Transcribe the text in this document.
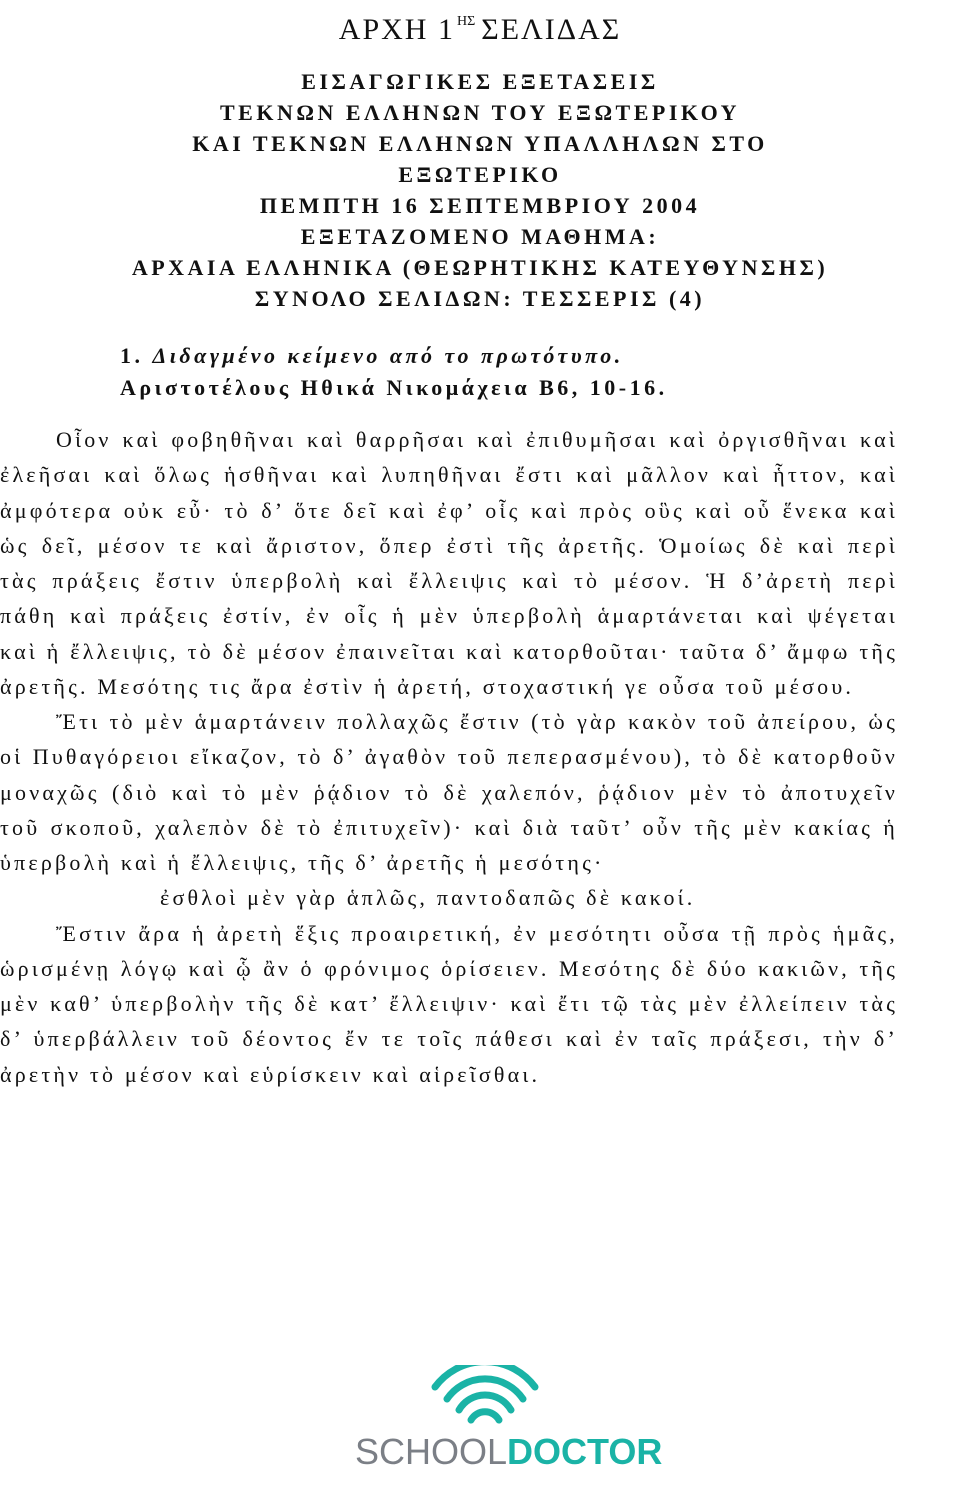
ΑΡΧΗ 1 $^{H\Sigma}$ ΣΕΛΙΔΑΣ
ΕΙΣΑΓΩΓΙΚΕΣ ΕΞΕΤΑΣΕΙΣ
ΤΕΚΝΩΝ ΕΛΛΗΝΩΝ ΤΟΥ ΕΞΩΤΕΡΙΚΟΥ
ΚΑΙ ΤΕΚΝΩΝ ΕΛΛΗΝΩΝ ΥΠΑΛΛΗΛΩΝ ΣΤΟ
ΕΞΩΤΕΡΙΚΟ
ΠΕΜΠΤΗ 16 ΣΕΠΤΕΜΒΡΙΟΥ 2004
ΕΞΕΤΑΖΟΜΕΝΟ ΜΑΘΗΜΑ:
ΑΡΧΑΙΑ ΕΛΛΗΝΙΚΑ (ΘΕΩΡΗΤΙΚΗΣ ΚΑΤΕΥΘΥΝΣΗΣ)
ΣΥΝΟΛΟ ΣΕΛΙΔΩΝ: ΤΕΣΣΕΡΙΣ (4)
1. Διδαγμένο κείμενο από το πρωτότυπο.
Αριστοτέλους Ηθικά Νικομάχεια Β6, 10-16.

Οἷον καὶ φοβηθῆναι καὶ θαρρῆσαι καὶ ἐπιθυμῆσαι καὶ ὀργισθῆναι καὶ ἐλεῆσαι καὶ ὅλως ἡσθῆναι καὶ λυπηθῆναι ἔστι καὶ μᾶλλον καὶ ἧττον, καὶ ἀμφότερα οὐκ εὖ· τὸ δ’ ὅτε δεῖ καὶ ἐφ’ οἷς καὶ πρὸς οὓς καὶ οὗ ἕνεκα καὶ ὡς δεῖ, μέσον τε καὶ ἄριστον, ὅπερ ἐστὶ τῆς ἀρετῆς. Ὁμοίως δὲ καὶ περὶ τὰς πράξεις ἔστιν ὑπερβολὴ καὶ ἔλλειψις καὶ τὸ μέσον. Ἡ δ’ἀρετὴ περὶ πάθη καὶ πράξεις ἐστίν, ἐν οἷς ἡ μὲν ὑπερβολὴ ἁμαρτάνεται καὶ ψέγεται καὶ ἡ ἔλλειψις, τὸ δὲ μέσον ἐπαινεῖται καὶ κατορθοῦται· ταῦτα δ’ ἄμφω τῆς ἀρετῆς. Μεσότης τις ἄρα ἐστὶν ἡ ἀρετή, στοχαστική γε οὖσα τοῦ μέσου.

Ἔτι τὸ μὲν ἁμαρτάνειν πολλαχῶς ἔστιν (τὸ γὰρ κακὸν τοῦ ἀπείρου, ὡς οἱ Πυθαγόρειοι εἴκαζον, τὸ δ’ ἀγαθὸν τοῦ πεπερασμένου), τὸ δὲ κατορθοῦν μοναχῶς (διὸ καὶ τὸ μὲν ῥᾴδιον τὸ δὲ χαλεπόν, ῥᾴδιον μὲν τὸ ἀποτυχεῖν τοῦ σκοποῦ, χαλεπὸν δὲ τὸ ἐπιτυχεῖν)· καὶ διὰ ταῦτ’ οὖν τῆς μὲν κακίας ἡ ὑπερβολὴ καὶ ἡ ἔλλειψις, τῆς δ’ ἀρετῆς ἡ μεσότης·

ἐσθλοὶ μὲν γὰρ ἁπλῶς, παντοδαπῶς δὲ κακοί.

Ἔστιν ἄρα ἡ ἀρετὴ ἕξις προαιρετική, ἐν μεσότητι οὖσα τῇ πρὸς ἡμᾶς, ὡρισμένῃ λόγῳ καὶ ᾧ ἂν ὁ φρόνιμος ὁρίσειεν. Μεσότης δὲ δύο κακιῶν, τῆς μὲν καθ’ ὑπερβολὴν τῆς δὲ κατ’ ἔλλειψιν· καὶ ἔτι τῷ τὰς μὲν ἐλλείπειν τὰς δ’ ὑπερβάλλειν τοῦ δέοντος ἔν τε τοῖς πάθεσι καὶ ἐν ταῖς πράξεσι, τὴν δ’ ἀρετὴν τὸ μέσον καὶ εὑρίσκειν καὶ αἱρεῖσθαι.

SCHOOLDOCTOR
